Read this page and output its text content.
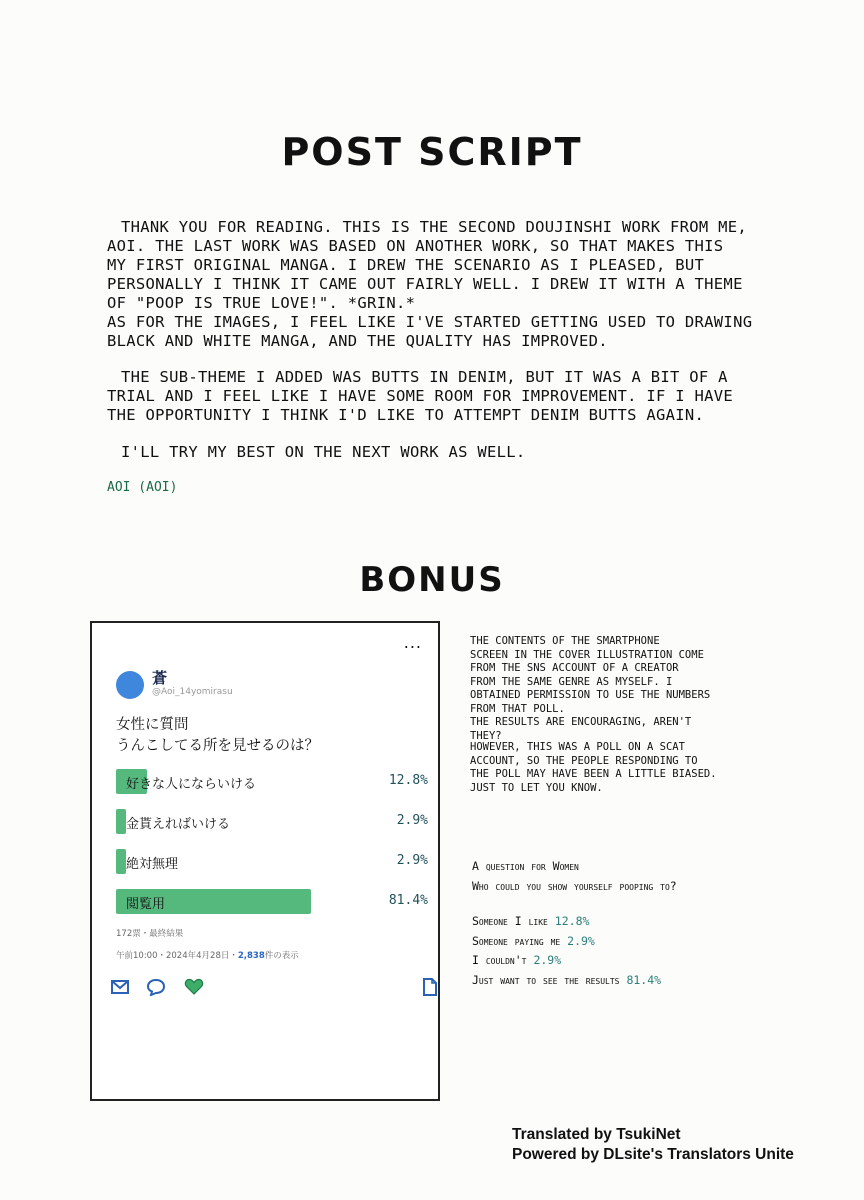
POST SCRIPT

THANK YOU FOR READING. THIS IS THE SECOND DOUJINSHI WORK FROM ME,

AOI. THE LAST WORK WAS BASED ON ANOTHER WORK, SO THAT MAKES THIS

MY FIRST ORIGINAL MANGA. I DREW THE SCENARIO AS I PLEASED, BUT

PERSONALLY I THINK IT CAME OUT FAIRLY WELL. I DREW IT WITH A THEME

OF "POOP IS TRUE LOVE!". *GRIN.*

AS FOR THE IMAGES, I FEEL LIKE I'VE STARTED GETTING USED TO DRAWING

BLACK AND WHITE MANGA, AND THE QUALITY HAS IMPROVED.

THE SUB-THEME I ADDED WAS BUTTS IN DENIM, BUT IT WAS A BIT OF A

TRIAL AND I FEEL LIKE I HAVE SOME ROOM FOR IMPROVEMENT. IF I HAVE

THE OPPORTUNITY I THINK I'D LIKE TO ATTEMPT DENIM BUTTS AGAIN.

I'LL TRY MY BEST ON THE NEXT WORK AS WELL.

AOI (AOI)
BONUS
...
蒼
@Aoi_14yomirasu
女性に質問
うんこしてる所を見せるのは？
好きな人にならいける	12.8%
金貰えればいける	2.9%
絶対無理	2.9%
閲覧用	81.4%
172票・最終結果
午前10:00・2024年4月28日・2,838件の表示
THE CONTENTS OF THE SMARTPHONE
SCREEN IN THE COVER ILLUSTRATION COME
FROM THE SNS ACCOUNT OF A CREATOR
FROM THE SAME GENRE AS MYSELF. I
OBTAINED PERMISSION TO USE THE NUMBERS
FROM THAT POLL.
THE RESULTS ARE ENCOURAGING, AREN'T
THEY?
HOWEVER, THIS WAS A POLL ON A SCAT
ACCOUNT, SO THE PEOPLE RESPONDING TO
THE POLL MAY HAVE BEEN A LITTLE BIASED.
JUST TO LET YOU KNOW.
A question for Women
Who could you show yourself pooping to?
Someone I like 12.8%
Someone paying me 2.9%
I couldn't 2.9%
Just want to see the results 81.4%
Translated by TsukiNet
Powered by DLsite's Translators Unite
